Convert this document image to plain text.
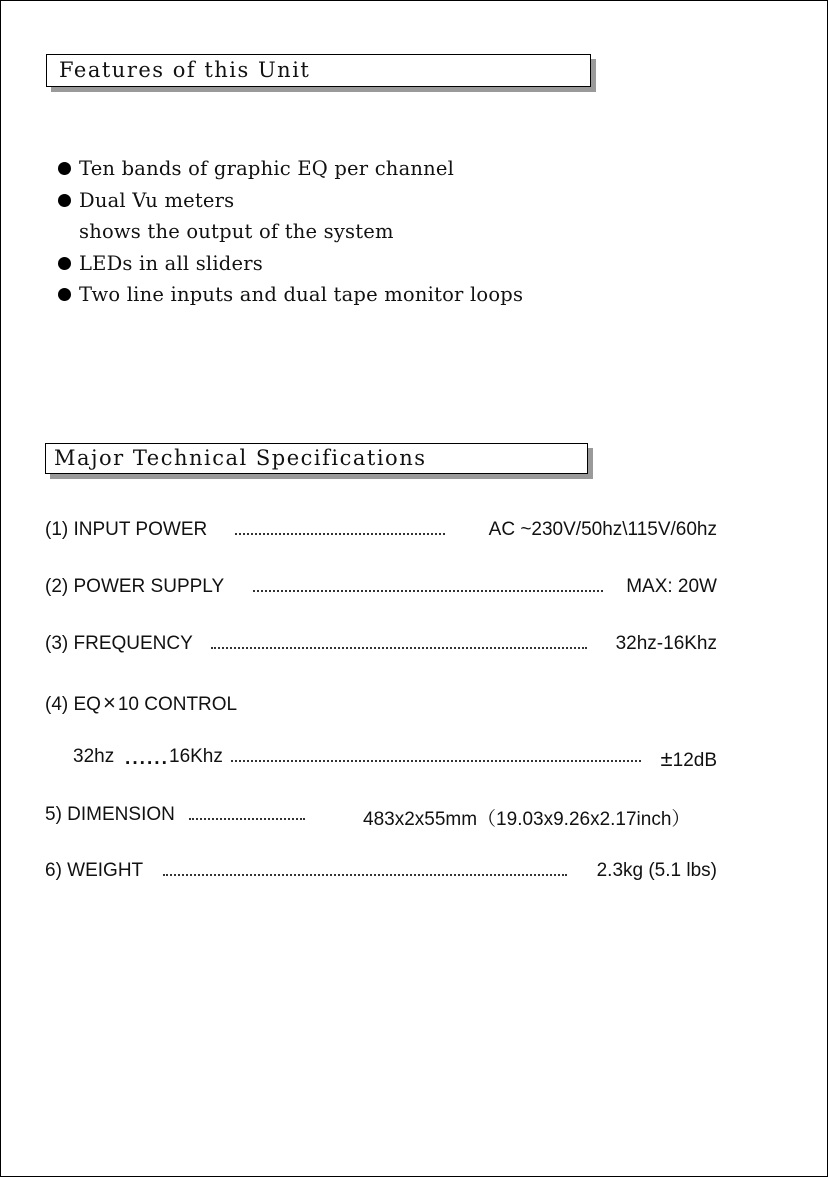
Features of this Unit
Ten bands of graphic EQ per channel
Dual Vu meters
shows the output of the system
LEDs in all sliders
Two line inputs and dual tape monitor loops
Major Technical Specifications
(1) INPUT POWER	AC ~230V/50hz\115V/60hz
(2) POWER SUPPLY	MAX: 20W
(3) FREQUENCY	32hz-16Khz
(4) EQ× 10 CONTROL
32hz ······ 16Khz	±12dB
5) DIMENSION	483x2x55mm（19.03x9.26x2.17inch）
6) WEIGHT	2.3kg (5.1 lbs)
